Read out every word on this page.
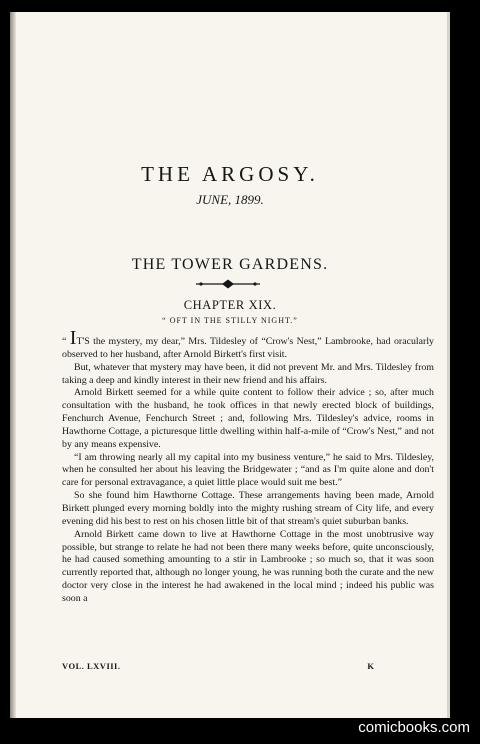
THE ARGOSY.
JUNE, 1899.
THE TOWER GARDENS.
CHAPTER XIX.
“ OFT IN THE STILLY NIGHT.”

“ IT'S the mystery, my dear,” Mrs. Tildesley of “Crow's Nest,” Lambrooke, had oracularly observed to her husband, after Arnold Birkett's first visit.

But, whatever that mystery may have been, it did not prevent Mr. and Mrs. Tildesley from taking a deep and kindly interest in their new friend and his affairs.

Arnold Birkett seemed for a while quite content to follow their advice ; so, after much consultation with the husband, he took offices in that newly erected block of buildings, Fenchurch Avenue, Fenchurch Street ; and, following Mrs. Tildesley's advice, rooms in Hawthorne Cottage, a picturesque little dwelling within half-a-mile of “Crow's Nest,” and not by any means expensive.

“I am throwing nearly all my capital into my business venture,” he said to Mrs. Tildesley, when he consulted her about his leaving the Bridgewater ; “and as I'm quite alone and don't care for personal extravagance, a quiet little place would suit me best.”

So she found him Hawthorne Cottage. These arrangements having been made, Arnold Birkett plunged every morning boldly into the mighty rushing stream of City life, and every evening did his best to rest on his chosen little bit of that stream's quiet suburban banks.

Arnold Birkett came down to live at Hawthorne Cottage in the most unobtrusive way possible, but strange to relate he had not been there many weeks before, quite unconsciously, he had caused something amounting to a stir in Lambrooke ; so much so, that it was soon currently reported that, although no longer young, he was running both the curate and the new doctor very close in the interest he had awakened in the local mind ; indeed his public was soon a

VOL. LXVIII.	K
comicbooks.com
